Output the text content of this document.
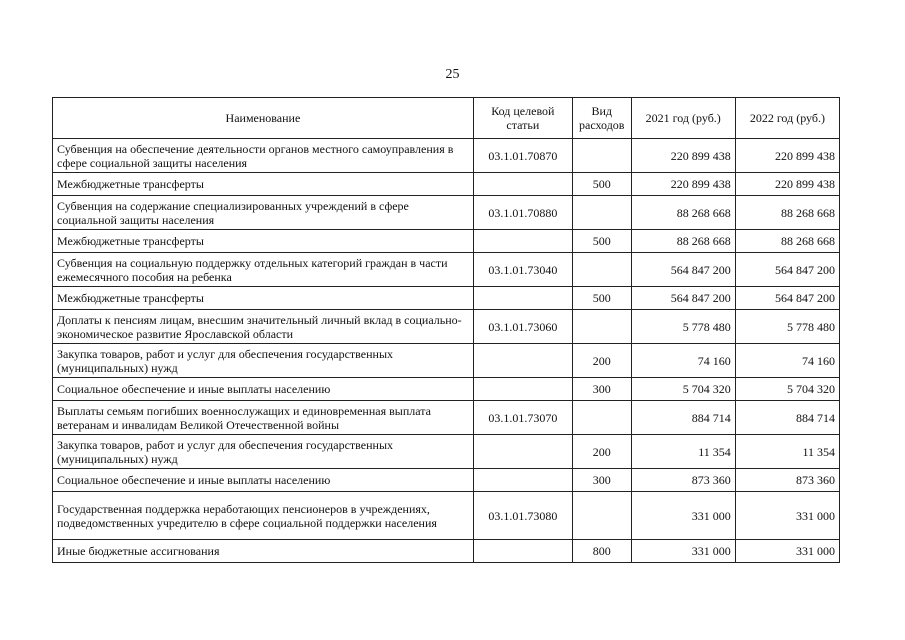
25
Наименование	Код целевой статьи	Вид расходов	2021 год (руб.)	2022 год (руб.)
Субвенция на обеспечение деятельности органов местного самоуправления в сфере социальной защиты населения	03.1.01.70870		220 899 438	220 899 438
Межбюджетные трансферты		500	220 899 438	220 899 438
Субвенция на содержание специализированных учреждений в сфере социальной защиты населения	03.1.01.70880		88 268 668	88 268 668
Межбюджетные трансферты		500	88 268 668	88 268 668
Субвенция на социальную поддержку отдельных категорий граждан в части ежемесячного пособия на ребенка	03.1.01.73040		564 847 200	564 847 200
Межбюджетные трансферты		500	564 847 200	564 847 200
Доплаты к пенсиям лицам, внесшим значительный личный вклад в социально-экономическое развитие Ярославской области	03.1.01.73060		5 778 480	5 778 480
Закупка товаров, работ и услуг для обеспечения государственных (муниципальных) нужд		200	74 160	74 160
Социальное обеспечение и иные выплаты населению		300	5 704 320	5 704 320
Выплаты семьям погибших военнослужащих и единовременная выплата ветеранам и инвалидам Великой Отечественной войны	03.1.01.73070		884 714	884 714
Закупка товаров, работ и услуг для обеспечения государственных (муниципальных) нужд		200	11 354	11 354
Социальное обеспечение и иные выплаты населению		300	873 360	873 360
Государственная поддержка неработающих пенсионеров в учреждениях, подведомственных учредителю в сфере социальной поддержки населения	03.1.01.73080		331 000	331 000
Иные бюджетные ассигнования		800	331 000	331 000
